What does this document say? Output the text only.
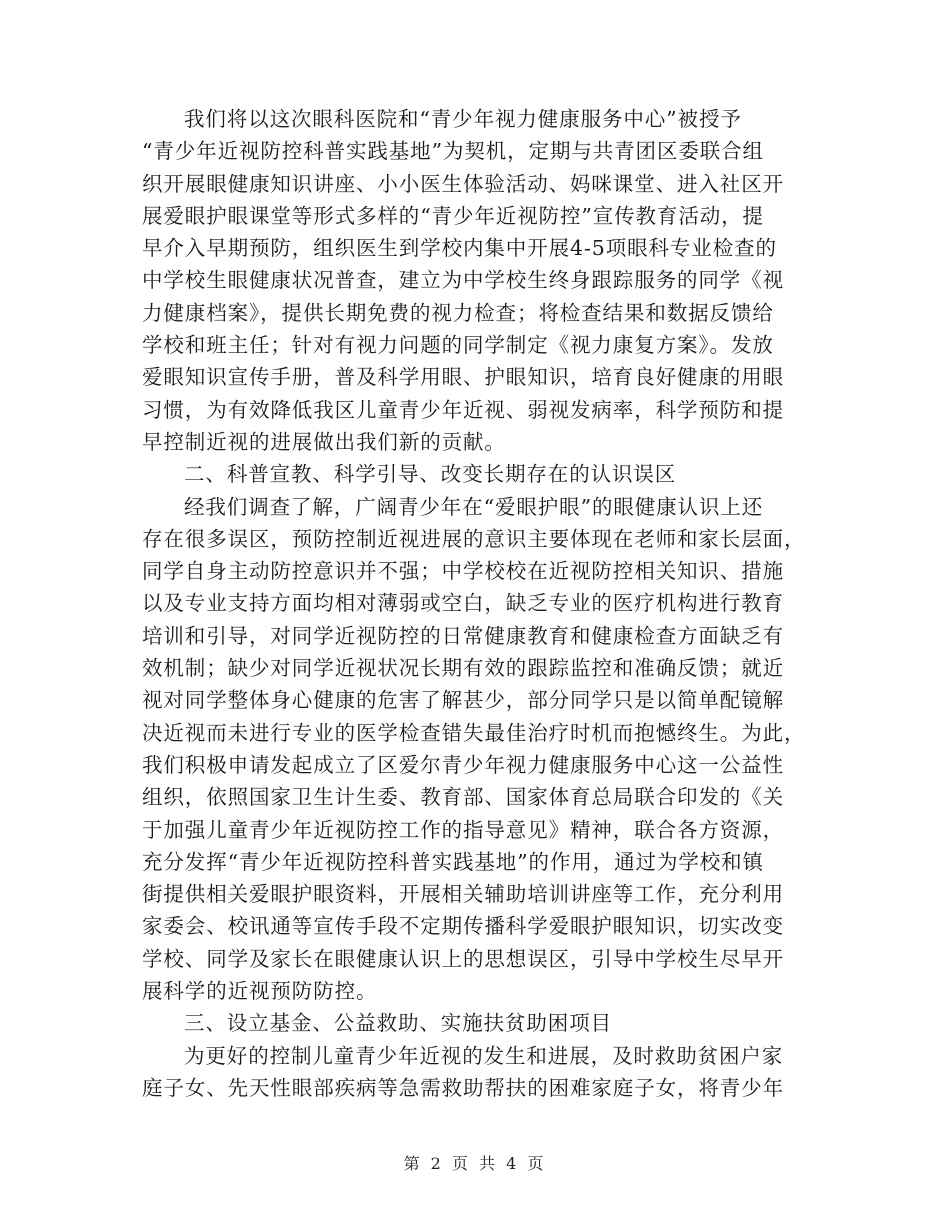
我们将以这次眼科医院和“青少年视力健康服务中心”被授予
“青少年近视防控科普实践基地”为契机，定期与共青团区委联合组
织开展眼健康知识讲座、小小医生体验活动、妈咪课堂、进入社区开
展爱眼护眼课堂等形式多样的“青少年近视防控”宣传教育活动，提
早介入早期预防，组织医生到学校内集中开展4-5项眼科专业检查的
中学校生眼健康状况普查，建立为中学校生终身跟踪服务的同学《视
力健康档案》，提供长期免费的视力检查；将检查结果和数据反馈给
学校和班主任；针对有视力问题的同学制定《视力康复方案》。发放
爱眼知识宣传手册，普及科学用眼、护眼知识，培育良好健康的用眼
习惯，为有效降低我区儿童青少年近视、弱视发病率，科学预防和提
早控制近视的进展做出我们新的贡献。
二、科普宣教、科学引导、改变长期存在的认识误区
经我们调查了解，广阔青少年在“爱眼护眼”的眼健康认识上还
存在很多误区，预防控制近视进展的意识主要体现在老师和家长层面，
同学自身主动防控意识并不强；中学校校在近视防控相关知识、措施
以及专业支持方面均相对薄弱或空白，缺乏专业的医疗机构进行教育
培训和引导，对同学近视防控的日常健康教育和健康检查方面缺乏有
效机制；缺少对同学近视状况长期有效的跟踪监控和准确反馈；就近
视对同学整体身心健康的危害了解甚少，部分同学只是以简单配镜解
决近视而未进行专业的医学检查错失最佳治疗时机而抱憾终生。为此，
我们积极申请发起成立了区爱尔青少年视力健康服务中心这一公益性
组织，依照国家卫生计生委、教育部、国家体育总局联合印发的《关
于加强儿童青少年近视防控工作的指导意见》精神，联合各方资源，
充分发挥“青少年近视防控科普实践基地”的作用，通过为学校和镇
街提供相关爱眼护眼资料，开展相关辅助培训讲座等工作，充分利用
家委会、校讯通等宣传手段不定期传播科学爱眼护眼知识，切实改变
学校、同学及家长在眼健康认识上的思想误区，引导中学校生尽早开
展科学的近视预防防控。
三、设立基金、公益救助、实施扶贫助困项目
为更好的控制儿童青少年近视的发生和进展，及时救助贫困户家
庭子女、先天性眼部疾病等急需救助帮扶的困难家庭子女，将青少年
第 2 页 共 4 页
